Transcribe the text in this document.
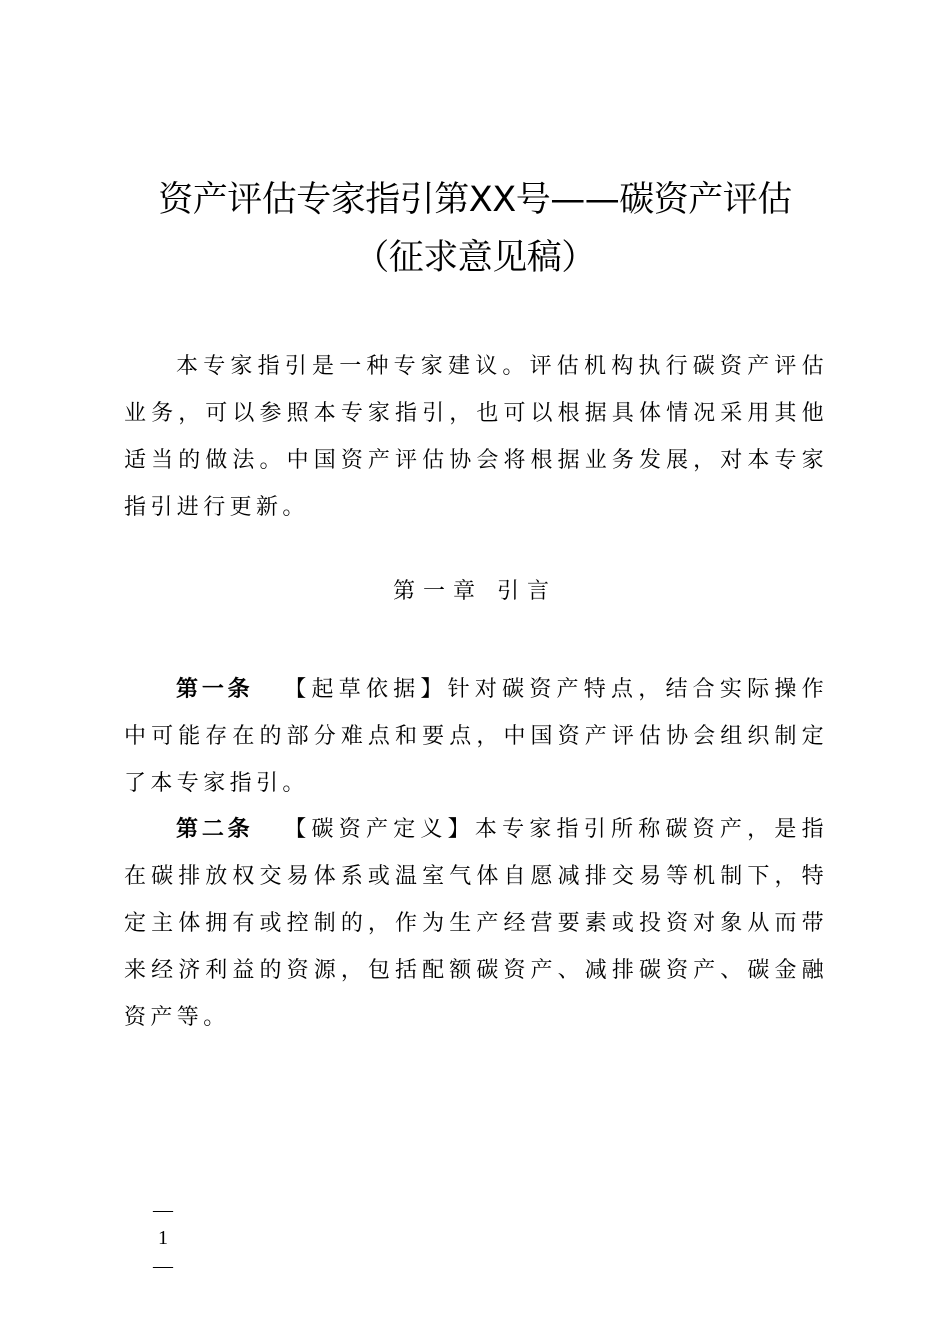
资产评估专家指引第XX号——碳资产评估
（征求意见稿）

本专家指引是一种专家建议。评估机构执行碳资产评估业务，可以参照本专家指引，也可以根据具体情况采用其他适当的做法。中国资产评估协会将根据业务发展，对本专家指引进行更新。

第一章 引言

第一条 【起草依据】针对碳资产特点，结合实际操作中可能存在的部分难点和要点，中国资产评估协会组织制定了本专家指引。

第二条 【碳资产定义】本专家指引所称碳资产，是指在碳排放权交易体系或温室气体自愿减排交易等机制下，特定主体拥有或控制的，作为生产经营要素或投资对象从而带来经济利益的资源，包括配额碳资产、减排碳资产、碳金融资产等。

—
1
—
